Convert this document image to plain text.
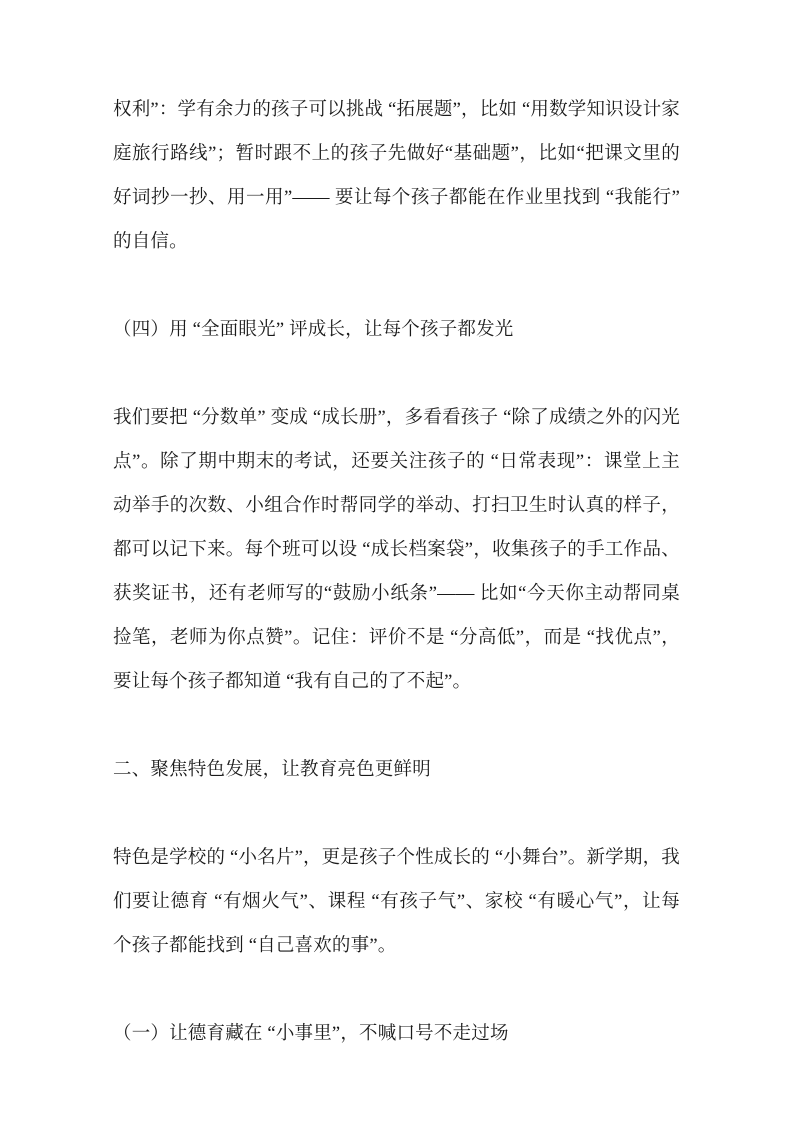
权利”：学有余力的孩子可以挑战 “拓展题”，比如 “用数学知识设计家庭旅行路线”；暂时跟不上的孩子先做好“基础题”，比如“把课文里的好词抄一抄、用一用”—— 要让每个孩子都能在作业里找到 “我能行” 的自信。

（四）用 “全面眼光” 评成长，让每个孩子都发光

我们要把 “分数单” 变成 “成长册”，多看看孩子 “除了成绩之外的闪光点”。除了期中期末的考试，还要关注孩子的 “日常表现”：课堂上主动举手的次数、小组合作时帮同学的举动、打扫卫生时认真的样子，都可以记下来。每个班可以设 “成长档案袋”，收集孩子的手工作品、获奖证书，还有老师写的“鼓励小纸条”—— 比如“今天你主动帮同桌捡笔，老师为你点赞”。记住：评价不是 “分高低”，而是 “找优点”，要让每个孩子都知道 “我有自己的了不起”。

二、聚焦特色发展，让教育亮色更鲜明

特色是学校的 “小名片”，更是孩子个性成长的 “小舞台”。新学期，我们要让德育 “有烟火气”、课程 “有孩子气”、家校 “有暖心气”，让每个孩子都能找到 “自己喜欢的事”。

（一）让德育藏在 “小事里”，不喊口号不走过场
